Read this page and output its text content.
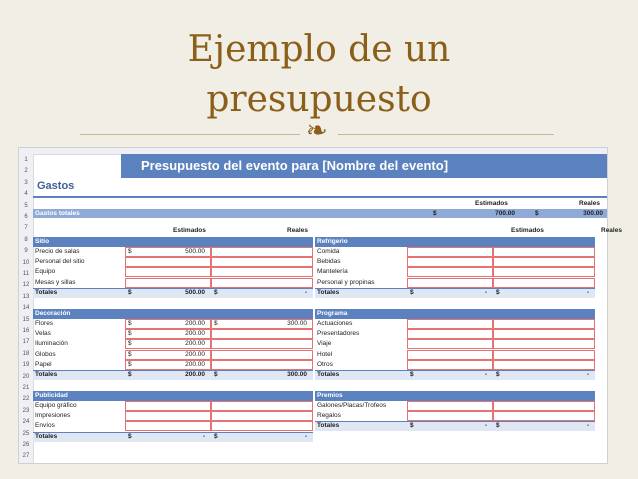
Ejemplo de un
presupuesto
❧
1
2
3
4
5
6
7
8
9
10
11
12
13
14
15
16
17
18
19
20
21
22
23
24
25
26
27
Presupuesto del evento para [Nombre del evento]
Gastos
Estimados	Reales
Gastos totales	$	700.00	$	300.00
Estimados	Reales	Estimados	Reales
Sitio
Precio de salas	$	500.00
Personal del sitio
Equipo
Mesas y sillas
Totales	$	500.00 $	-
Refrigerio
Comida
Bebidas
Mantelería
Personal y propinas
Totales	$	- $	-
Decoración
Flores	$	200.00 $	300.00
Velas	$	200.00
Iluminación	$	200.00
Globos	$	200.00
Papel	$	200.00
Totales	$	200.00 $	300.00
Programa
Actuaciones
Presentadores
Viaje
Hotel
Otros
Totales	$	- $	-
Publicidad
Equipo gráfico
Impresiones
Envíos
Totales	$	- $	-
Premios
Galones/Placas/Trofeos
Regalos
Totales	$	- $	-
